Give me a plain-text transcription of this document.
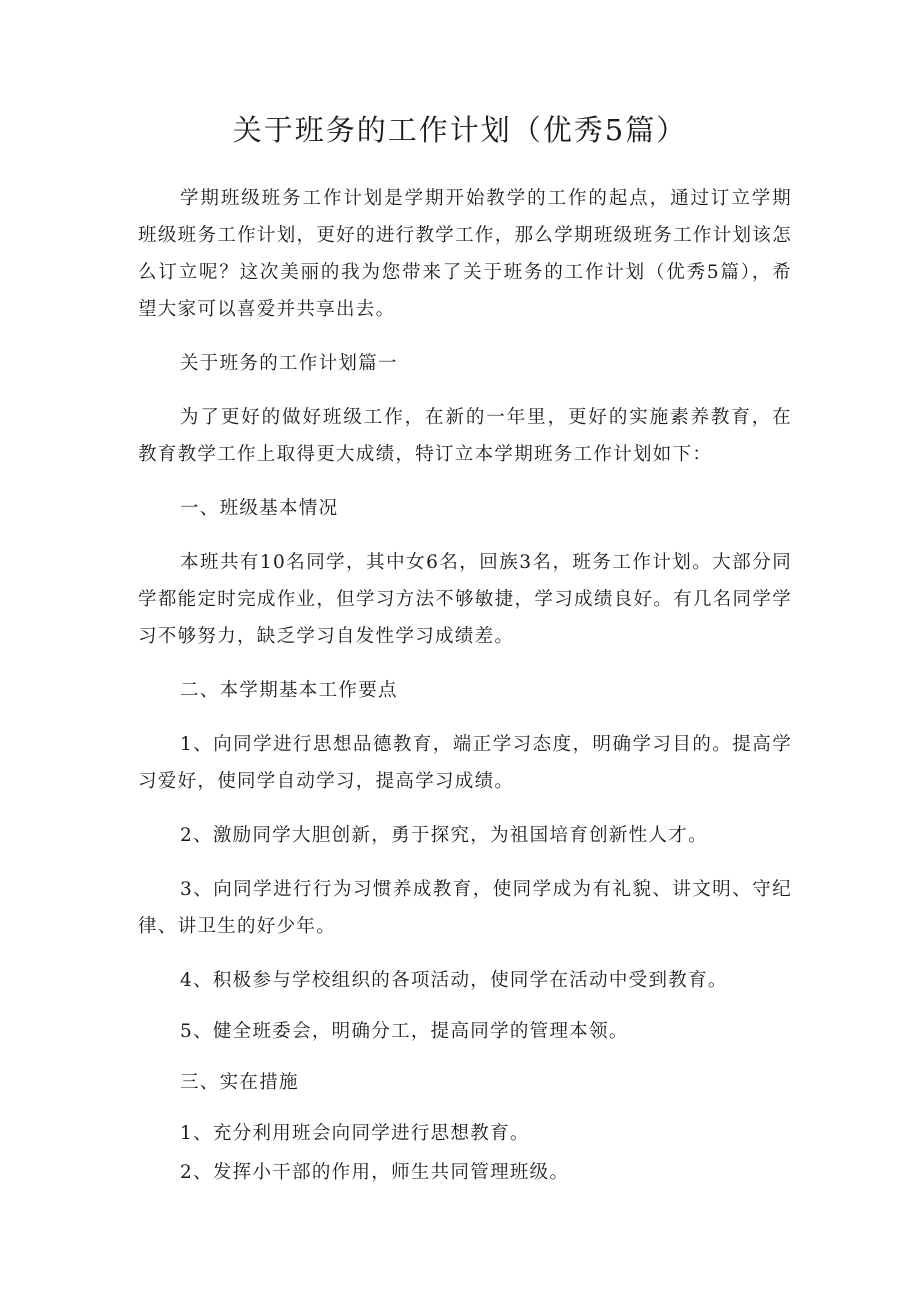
关于班务的工作计划（优秀5篇）

学期班级班务工作计划是学期开始教学的工作的起点，通过订立学期班级班务工作计划，更好的进行教学工作，那么学期班级班务工作计划该怎么订立呢？这次美丽的我为您带来了关于班务的工作计划（优秀5篇），希望大家可以喜爱并共享出去。

关于班务的工作计划篇一

为了更好的做好班级工作，在新的一年里，更好的实施素养教育，在教育教学工作上取得更大成绩，特订立本学期班务工作计划如下：

一、班级基本情况

本班共有10名同学，其中女6名，回族3名，班务工作计划。大部分同学都能定时完成作业，但学习方法不够敏捷，学习成绩良好。有几名同学学习不够努力，缺乏学习自发性学习成绩差。

二、本学期基本工作要点

1、向同学进行思想品德教育，端正学习态度，明确学习目的。提高学习爱好，使同学自动学习，提高学习成绩。

2、激励同学大胆创新，勇于探究，为祖国培育创新性人才。

3、向同学进行行为习惯养成教育，使同学成为有礼貌、讲文明、守纪律、讲卫生的好少年。

4、积极参与学校组织的各项活动，使同学在活动中受到教育。

5、健全班委会，明确分工，提高同学的管理本领。

三、实在措施

1、充分利用班会向同学进行思想教育。

2、发挥小干部的作用，师生共同管理班级。
